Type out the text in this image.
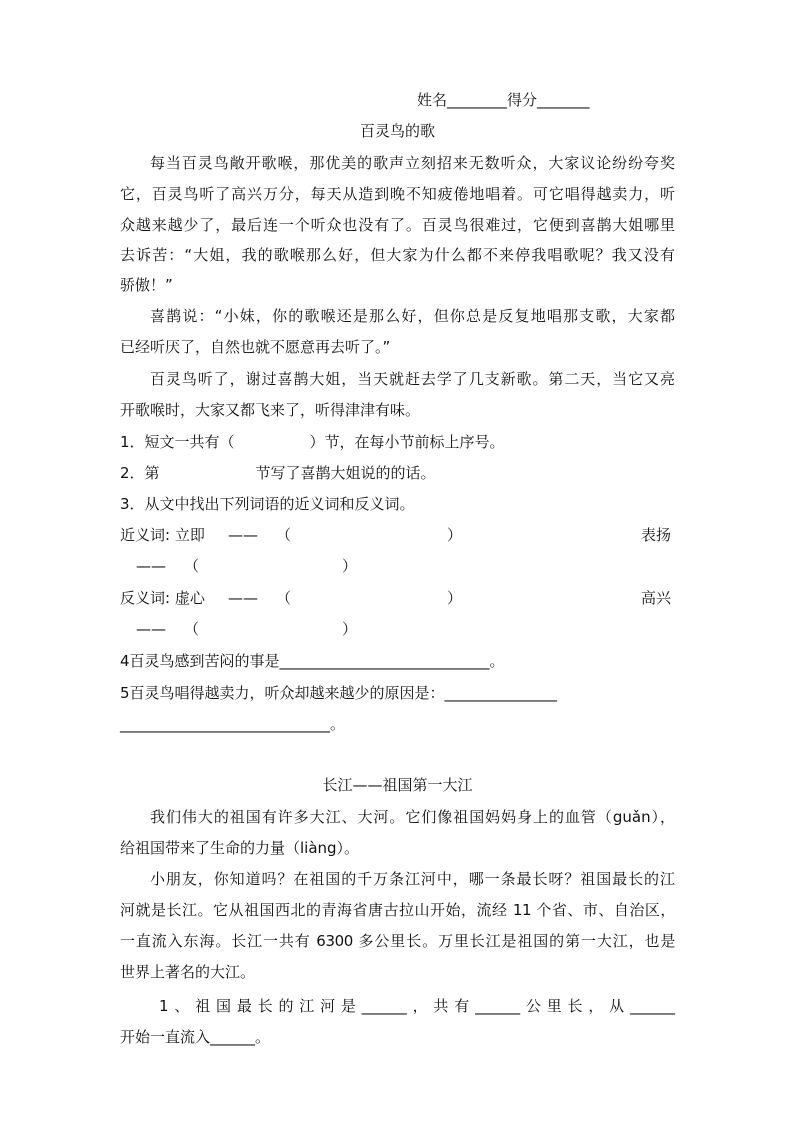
姓名________得分_______
百灵鸟的歌
每当百灵鸟敞开歌喉，那优美的歌声立刻招来无数听众，大家议论纷纷夸奖
它，百灵鸟听了高兴万分，每天从造到晚不知疲倦地唱着。可它唱得越卖力，听
众越来越少了，最后连一个听众也没有了。百灵鸟很难过，它便到喜鹊大姐哪里
去诉苦：“大姐，我的歌喉那么好，但大家为什么都不来停我唱歌呢？我又没有
骄傲！”
喜鹊说：“小妹，你的歌喉还是那么好，但你总是反复地唱那支歌，大家都
已经听厌了，自然也就不愿意再去听了。”
百灵鸟听了，谢过喜鹊大姐，当天就赶去学了几支新歌。第二天，当它又亮
开歌喉时，大家又都飞来了，听得津津有味。
1．短文一共有（	）节，在每小节前标上序号。
2．第	节写了喜鹊大姐说的的话。
3．从文中找出下列词语的近义词和反义词。
近义词: 立即 —— （	）	表扬
—— （	）
反义词: 虚心 —— （	）	高兴
—— （	）
4百灵鸟感到苦闷的事是____________________________。
5百灵鸟唱得越卖力，听众却越来越少的原因是：_______________
____________________________。
长江——祖国第一大江
我们伟大的祖国有许多大江、大河。它们像祖国妈妈身上的血管（guǎn），
给祖国带来了生命的力量（liàng）。
小朋友，你知道吗？在祖国的千万条江河中，哪一条最长呀？祖国最长的江
河就是长江。它从祖国西北的青海省唐古拉山开始，流经 11 个省、市、自治区，
一直流入东海。长江一共有 6300 多公里长。万里长江是祖国的第一大江，也是
世界上著名的大江。
1、祖国最长的江河是______，共有______公里长，从______
开始一直流入______。
